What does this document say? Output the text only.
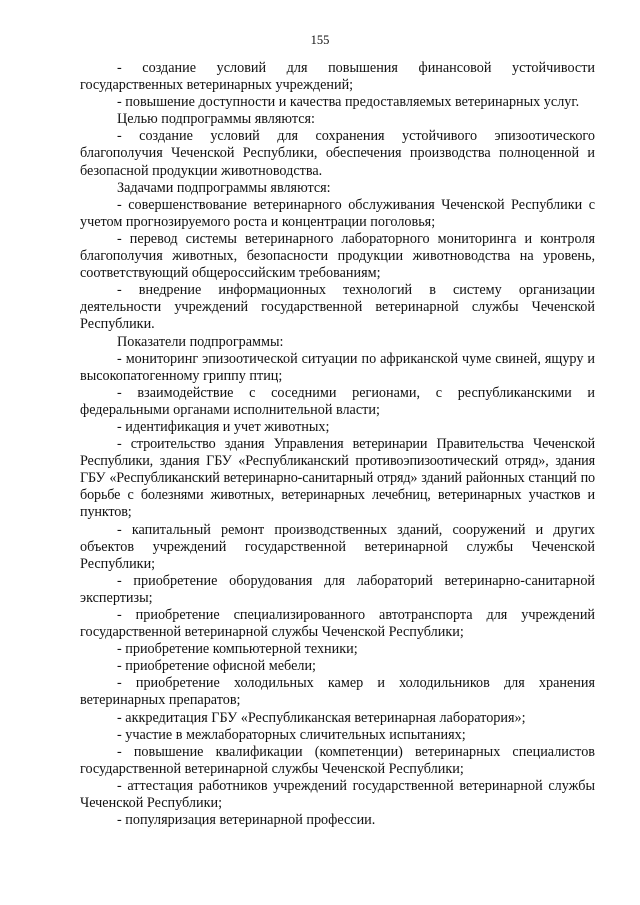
155

- создание условий для повышения финансовой устойчивости государственных ветеринарных учреждений;

- повышение доступности и качества предоставляемых ветеринарных услуг.

Целью подпрограммы являются:

- создание условий для сохранения устойчивого эпизоотического благополучия Чеченской Республики, обеспечения производства полноценной и безопасной продукции животноводства.

Задачами подпрограммы являются:

- совершенствование ветеринарного обслуживания Чеченской Республики с учетом прогнозируемого роста и концентрации поголовья;

- перевод системы ветеринарного лабораторного мониторинга и контроля благополучия животных, безопасности продукции животноводства на уровень, соответствующий общероссийским требованиям;

- внедрение информационных технологий в систему организации деятельности учреждений государственной ветеринарной службы Чеченской Республики.

Показатели подпрограммы:

- мониторинг эпизоотической ситуации по африканской чуме свиней, ящуру и высокопатогенному гриппу птиц;

- взаимодействие с соседними регионами, с республиканскими и федеральными органами исполнительной власти;

- идентификация и учет животных;

- строительство здания Управления ветеринарии Правительства Чеченской Республики, здания ГБУ «Республиканский противоэпизоотический отряд», здания ГБУ «Республиканский ветеринарно-санитарный отряд» зданий районных станций по борьбе с болезнями животных, ветеринарных лечебниц, ветеринарных участков и пунктов;

- капитальный ремонт производственных зданий, сооружений и других объектов учреждений государственной ветеринарной службы Чеченской Республики;

- приобретение оборудования для лабораторий ветеринарно-санитарной экспертизы;

- приобретение специализированного автотранспорта для учреждений государственной ветеринарной службы Чеченской Республики;

- приобретение компьютерной техники;

- приобретение офисной мебели;

- приобретение холодильных камер и холодильников для хранения ветеринарных препаратов;

- аккредитация ГБУ «Республиканская ветеринарная лаборатория»;

- участие в межлабораторных сличительных испытаниях;

- повышение квалификации (компетенции) ветеринарных специалистов государственной ветеринарной службы Чеченской Республики;

- аттестация работников учреждений государственной ветеринарной службы Чеченской Республики;

- популяризация ветеринарной профессии.
